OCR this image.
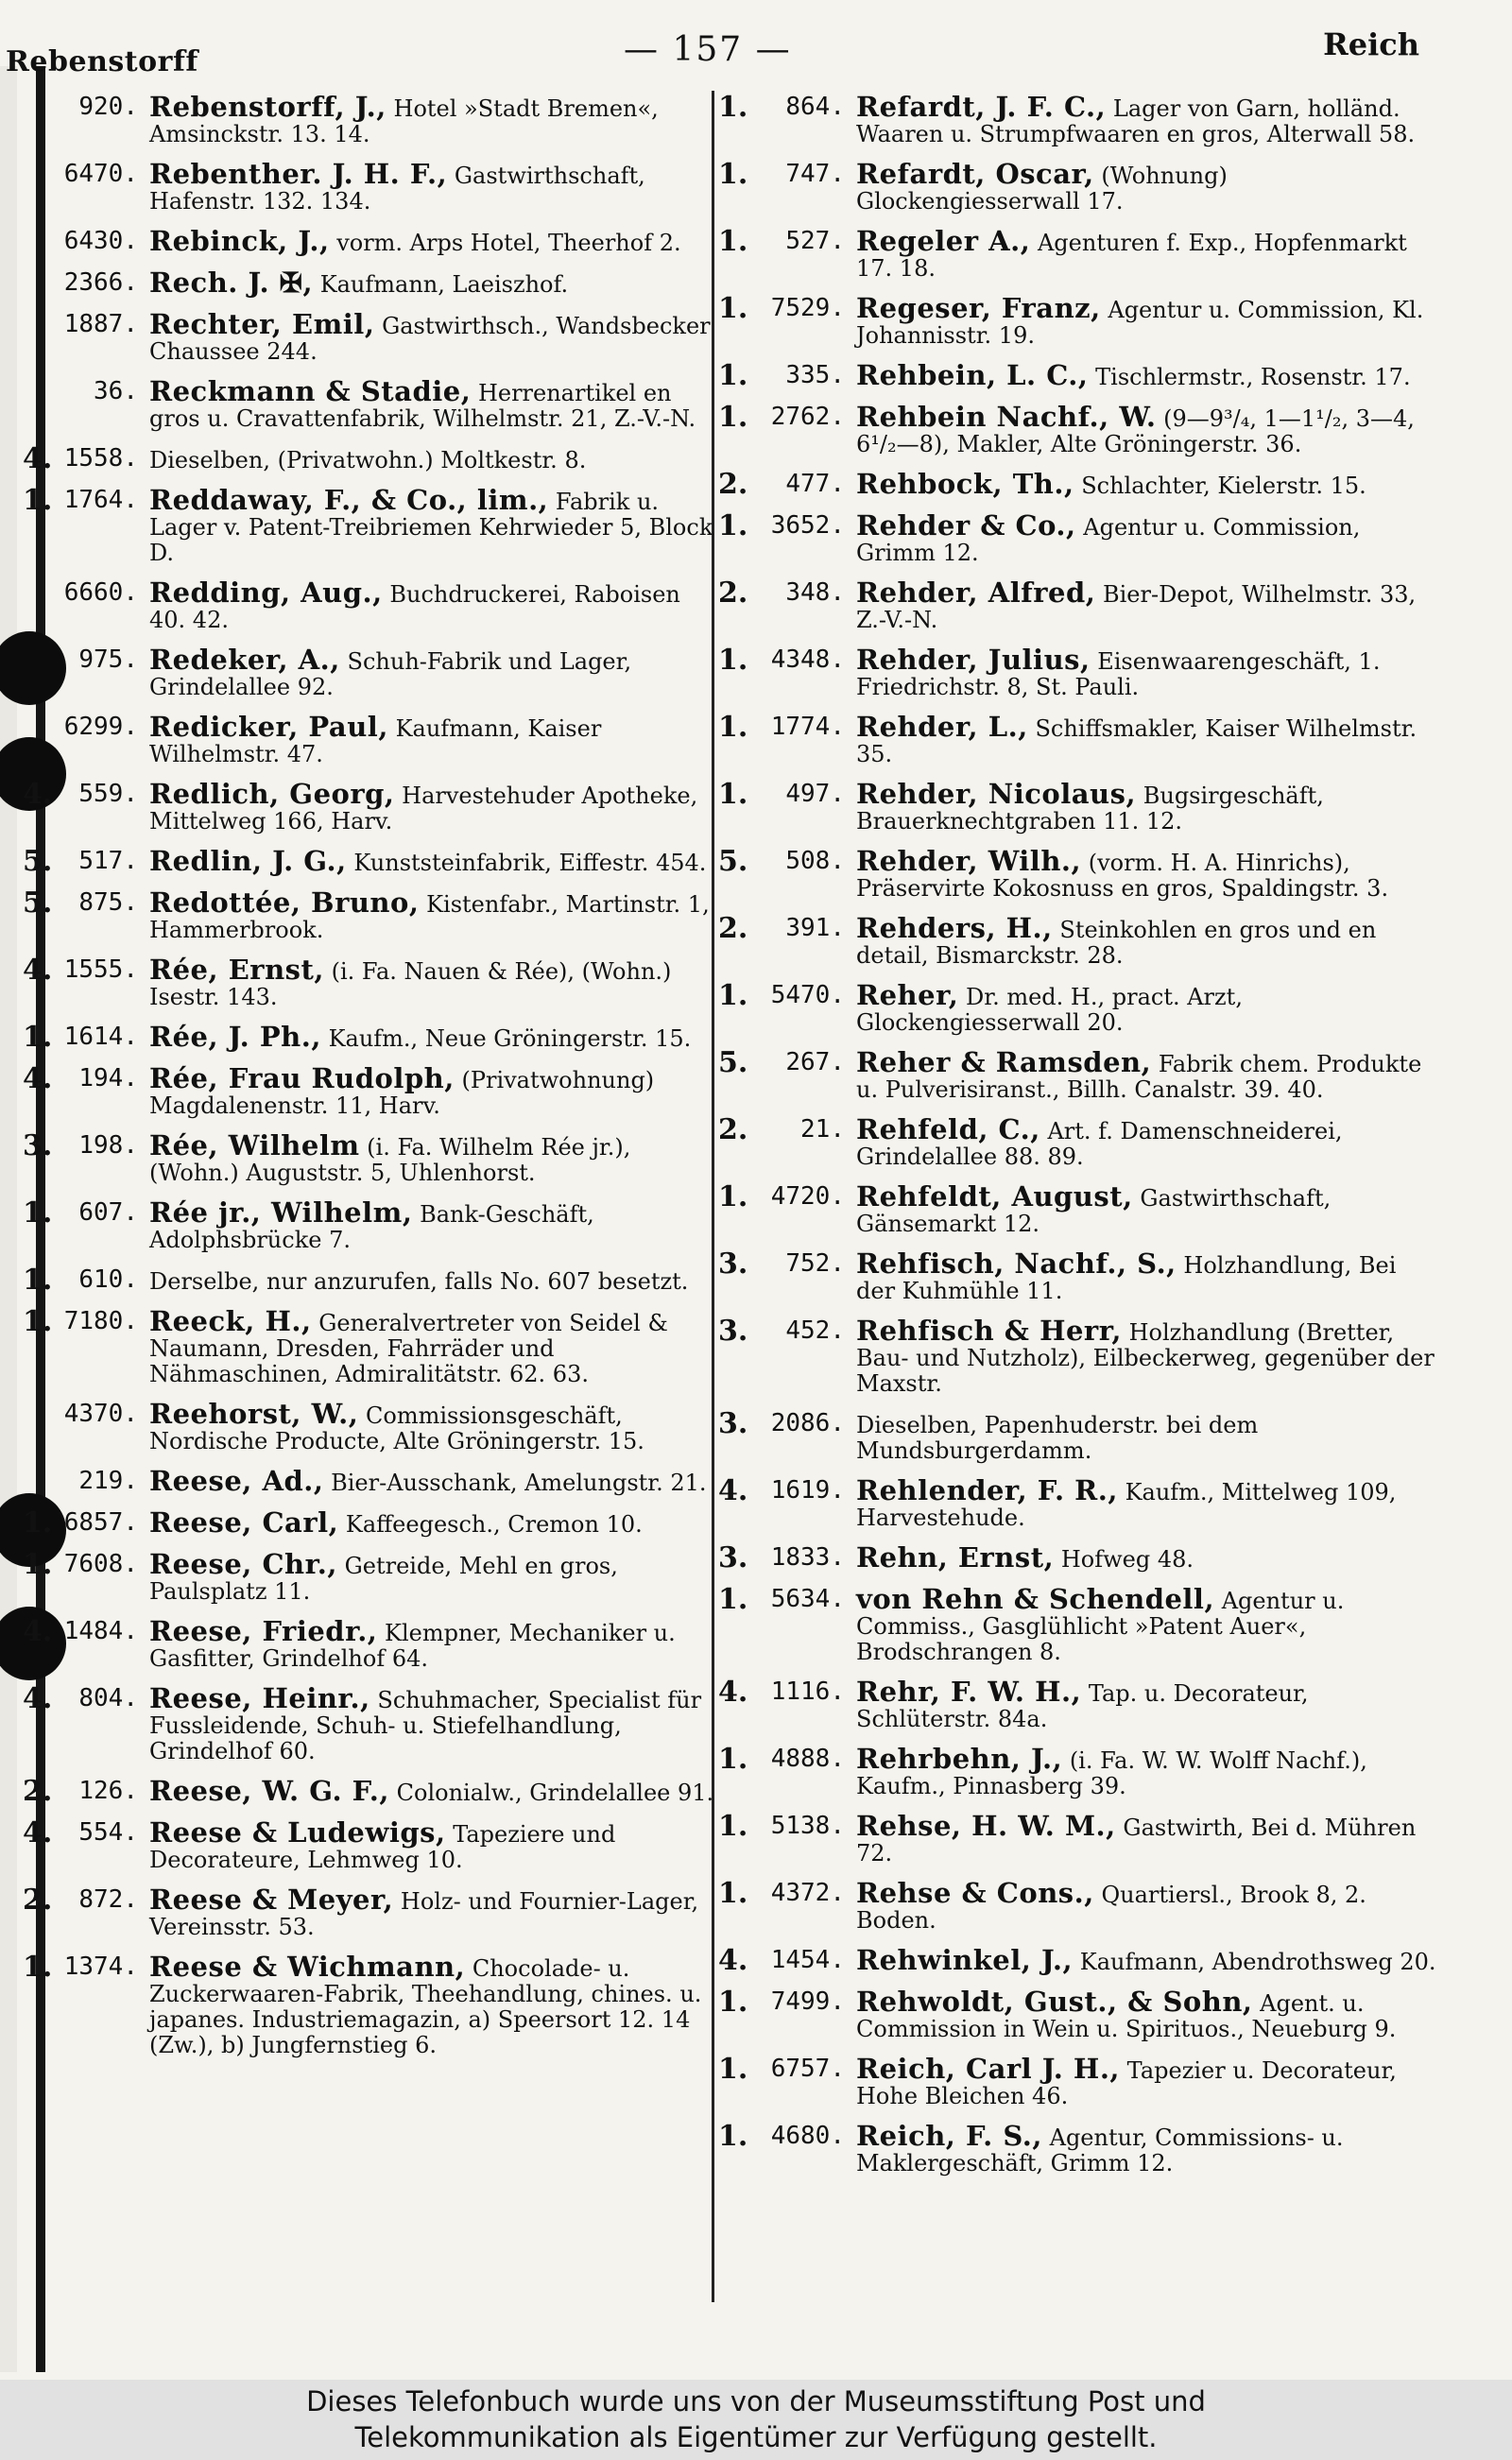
Rebenstorff	— 157 —	Reich
920. Rebenstorff, J., Hotel »Stadt Bremen«, Amsinckstr. 13. 14.
6470. Rebenther. J. H. F., Gastwirthschaft, Hafenstr. 132. 134.
6430. Rebinck, J., vorm. Arps Hotel, Theerhof 2.
2366. Rech. J. ✠, Kaufmann, Laeiszhof.
1887. Rechter, Emil, Gastwirthsch., Wandsbecker Chaussee 244.
36. Reckmann & Stadie, Herrenartikel en gros u. Cravattenfabrik, Wilhelmstr. 21, Z.-V.-N.
4. 1558. Dieselben, (Privatwohn.) Moltkestr. 8.
1. 1764. Reddaway, F., & Co., lim., Fabrik u. Lager v. Patent-Treibriemen Kehrwieder 5, Block D.
6660. Redding, Aug., Buchdruckerei, Raboisen 40. 42.
975. Redeker, A., Schuh-Fabrik und Lager, Grindelallee 92.
6299. Redicker, Paul, Kaufmann, Kaiser Wilhelmstr. 47.
4.	559. Redlich, Georg, Harvestehuder Apotheke, Mittelweg 166, Harv.
5.	517. Redlin, J. G., Kunststeinfabrik, Eiffestr. 454.
5.	875. Redottée, Bruno, Kistenfabr., Martinstr. 1, Hammerbrook.
4. 1555. Rée, Ernst, (i. Fa. Nauen & Rée), (Wohn.) Isestr. 143.
1. 1614. Rée, J. Ph., Kaufm., Neue Gröningerstr. 15.
4.	194. Rée, Frau Rudolph, (Privatwohnung) Magdalenenstr. 11, Harv.
3.	198. Rée, Wilhelm (i. Fa. Wilhelm Rée jr.), (Wohn.) Auguststr. 5, Uhlenhorst.
1.	607. Rée jr., Wilhelm, Bank-Geschäft, Adolphsbrücke 7.
1.	610. Derselbe, nur anzurufen, falls No. 607 besetzt.
1. 7180. Reeck, H., Generalvertreter von Seidel & Naumann, Dresden, Fahrräder und Nähmaschinen, Admiralitätstr. 62. 63.
4370. Reehorst, W., Commissionsgeschäft, Nordische Producte, Alte Gröningerstr. 15.
219. Reese, Ad., Bier-Ausschank, Amelungstr. 21.
1. 6857. Reese, Carl, Kaffeegesch., Cremon 10.
1. 7608. Reese, Chr., Getreide, Mehl en gros, Paulsplatz 11.
4. 1484. Reese, Friedr., Klempner, Mechaniker u. Gasfitter, Grindelhof 64.
4.	804. Reese, Heinr., Schuhmacher, Specialist für Fussleidende, Schuh- u. Stiefelhandlung, Grindelhof 60.
2.	126. Reese, W. G. F., Colonialw., Grindelallee 91.
4.	554. Reese & Ludewigs, Tapeziere und Decorateure, Lehmweg 10.
2.	872. Reese & Meyer, Holz- und Fournier-Lager, Vereinsstr. 53.
1. 1374. Reese & Wichmann, Chocolade- u. Zuckerwaaren-Fabrik, Theehandlung, chines. u. japanes. Industriemagazin, a) Speersort 12. 14 (Zw.), b) Jungfernstieg 6.
1.	864. Refardt, J. F. C., Lager von Garn, holländ. Waaren u. Strumpfwaaren en gros, Alterwall 58.
1.	747. Refardt, Oscar, (Wohnung) Glockengiesserwall 17.
1.	527. Regeler A., Agenturen f. Exp., Hopfenmarkt 17. 18.
1. 7529. Regeser, Franz, Agentur u. Commission, Kl. Johannisstr. 19.
1.	335. Rehbein, L. C., Tischlermstr., Rosenstr. 17.
1. 2762. Rehbein Nachf., W. (9—9³/₄, 1—1¹/₂, 3—4, 6¹/₂—8), Makler, Alte Gröningerstr. 36.
2.	477. Rehbock, Th., Schlachter, Kielerstr. 15.
1. 3652. Rehder & Co., Agentur u. Commission, Grimm 12.
2.	348. Rehder, Alfred, Bier-Depot, Wilhelmstr. 33, Z.-V.-N.
1. 4348. Rehder, Julius, Eisenwaarengeschäft, 1. Friedrichstr. 8, St. Pauli.
1. 1774. Rehder, L., Schiffsmakler, Kaiser Wilhelmstr. 35.
1.	497. Rehder, Nicolaus, Bugsirgeschäft, Brauerknechtgraben 11. 12.
5.	508. Rehder, Wilh., (vorm. H. A. Hinrichs), Präservirte Kokosnuss en gros, Spaldingstr. 3.
2.	391. Rehders, H., Steinkohlen en gros und en detail, Bismarckstr. 28.
1. 5470. Reher, Dr. med. H., pract. Arzt, Glockengiesserwall 20.
5.	267. Reher & Ramsden, Fabrik chem. Produkte u. Pulverisiranst., Billh. Canalstr. 39. 40.
2.	21. Rehfeld, C., Art. f. Damenschneiderei, Grindelallee 88. 89.
1. 4720. Rehfeldt, August, Gastwirthschaft, Gänsemarkt 12.
3.	752. Rehfisch, Nachf., S., Holzhandlung, Bei der Kuhmühle 11.
3.	452. Rehfisch & Herr, Holzhandlung (Bretter, Bau- und Nutzholz), Eilbeckerweg, gegenüber der Maxstr.
3. 2086. Dieselben, Papenhuderstr. bei dem Mundsburgerdamm.
4. 1619. Rehlender, F. R., Kaufm., Mittelweg 109, Harvestehude.
3. 1833. Rehn, Ernst, Hofweg 48.
1. 5634. von Rehn & Schendell, Agentur u. Commiss., Gasglühlicht »Patent Auer«, Brodschrangen 8.
4. 1116. Rehr, F. W. H., Tap. u. Decorateur, Schlüterstr. 84a.
1. 4888. Rehrbehn, J., (i. Fa. W. W. Wolff Nachf.), Kaufm., Pinnasberg 39.
1. 5138. Rehse, H. W. M., Gastwirth, Bei d. Mühren 72.
1. 4372. Rehse & Cons., Quartiersl., Brook 8, 2. Boden.
4. 1454. Rehwinkel, J., Kaufmann, Abendrothsweg 20.
1. 7499. Rehwoldt, Gust., & Sohn, Agent. u. Commission in Wein u. Spirituos., Neueburg 9.
1. 6757. Reich, Carl J. H., Tapezier u. Decorateur, Hohe Bleichen 46.
1. 4680. Reich, F. S., Agentur, Commissions- u. Maklergeschäft, Grimm 12.
Dieses Telefonbuch wurde uns von der Museumsstiftung Post und
Telekommunikation als Eigentümer zur Verfügung gestellt.
